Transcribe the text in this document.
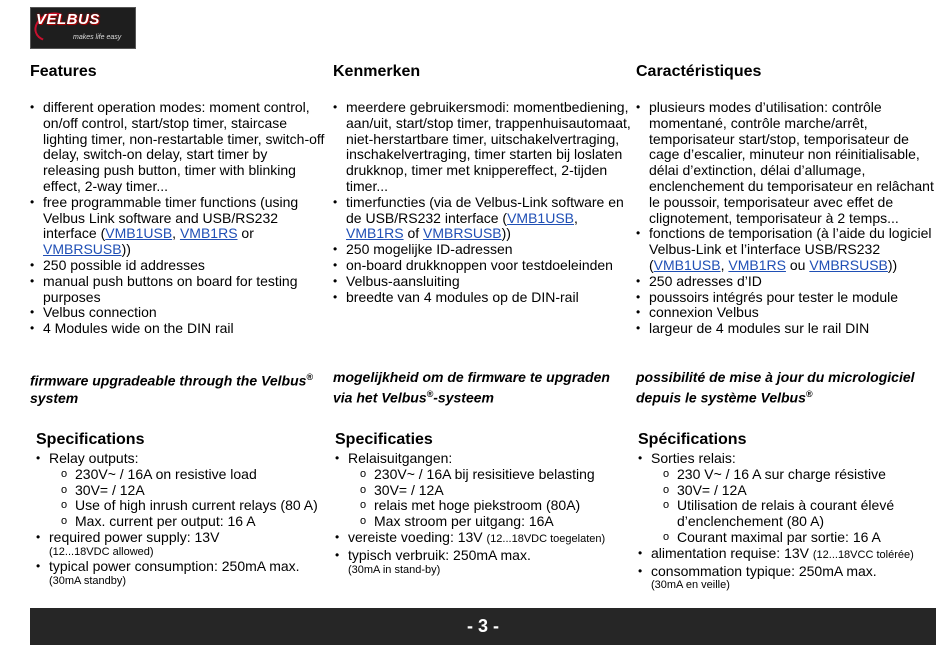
VELBUS
makes life easy
Features
• different operation modes: moment control, on/off control, start/stop timer, staircase lighting timer, non-restartable timer, switch-off delay, switch-on delay, start timer by releasing push button, timer with blinking effect, 2-way timer...
• free programmable timer functions (using Velbus Link software and USB/RS232 interface (VMB1USB, VMB1RS or VMBRSUSB))
• 250 possible id addresses
• manual push buttons on board for testing purposes
• Velbus connection
• 4 Modules wide on the DIN rail
firmware upgradeable through the Velbus®
system
Specifications
• Relay outputs:
o 230V~ / 16A on resistive load
o 30V= / 12A
o Use of high inrush current relays (80 A)
o Max. current per output: 16 A
• required power supply: 13V
(12...18VDC allowed)
• typical power consumption: 250mA max.
(30mA standby)
Kenmerken
• meerdere gebruikersmodi: momentbediening, aan/uit, start/stop timer, trappenhuisautomaat, niet-herstartbare timer, uitschakelvertraging, inschakelvertraging, timer starten bij loslaten drukknop, timer met knippereffect, 2-tijden timer...
• timerfuncties (via de Velbus-Link software en de USB/RS232 interface (VMB1USB, VMB1RS of VMBRSUSB))
• 250 mogelijke ID-adressen
• on-board drukknoppen voor testdoeleinden
• Velbus-aansluiting
• breedte van 4 modules op de DIN-rail
mogelijkheid om de firmware te upgraden via het Velbus®-systeem
Specificaties
• Relaisuitgangen:
o 230V~ / 16A bij resisitieve belasting
o 30V= / 12A
o relais met hoge piekstroom (80A)
o Max stroom per uitgang: 16A
• vereiste voeding: 13V (12...18VDC toegelaten)
• typisch verbruik: 250mA max.
(30mA in stand-by)
Caractéristiques
• plusieurs modes d’utilisation: contrôle momentané, contrôle marche/arrêt, temporisateur start/stop, temporisateur de cage d’escalier, minuteur non réinitialisable, délai d’extinction, délai d’allumage, enclenchement du temporisateur en relâchant le poussoir, temporisateur avec effet de clignotement, temporisateur à 2 temps...
• fonctions de temporisation (à l’aide du logiciel Velbus-Link et l’interface USB/RS232 (VMB1USB, VMB1RS ou VMBRSUSB))
• 250 adresses d’ID
• poussoirs intégrés pour tester le module
• connexion Velbus
• largeur de 4 modules sur le rail DIN
possibilité de mise à jour du micrologiciel depuis le système Velbus®
Spécifications
• Sorties relais:
o 230 V~ / 16 A sur charge résistive
o 30V= / 12A
o Utilisation de relais à courant élevé d’enclenchement (80 A)
o Courant maximal par sortie: 16 A
• alimentation requise: 13V (12...18VCC tolérée)
• consommation typique: 250mA max.
(30mA en veille)
- 3 -
